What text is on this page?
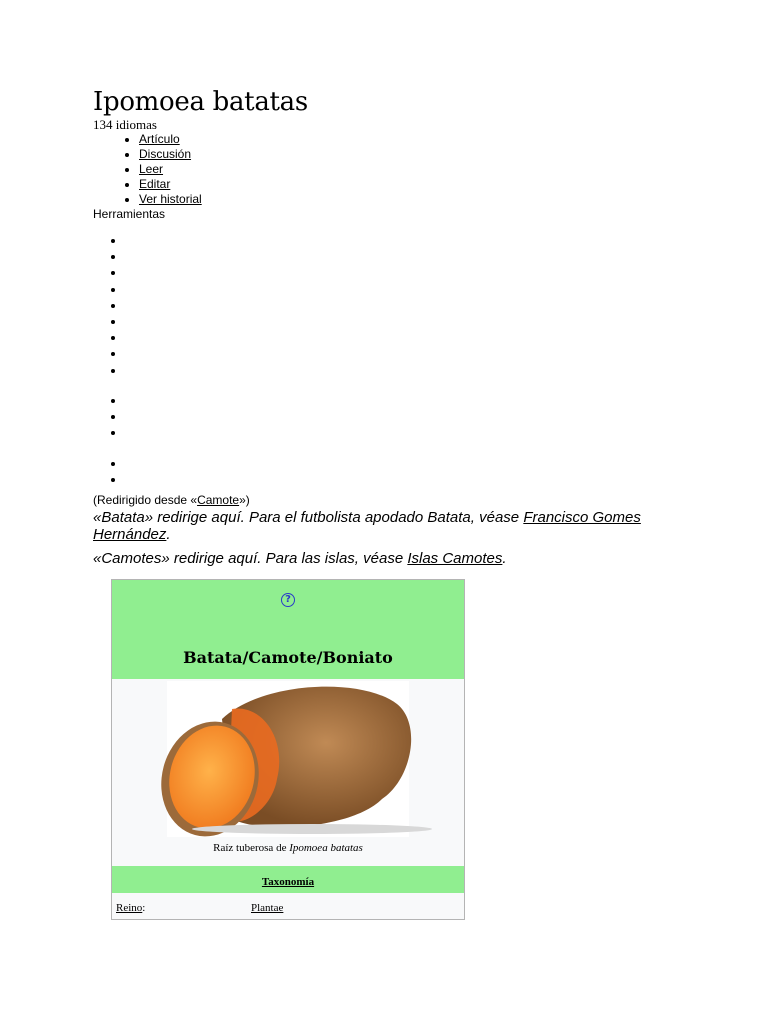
Ipomoea batatas
134 idiomas
• Artículo
• Discusión
• Leer
• Editar
• Ver historial
Herramientas
•
•
•
•
•
•
•
•
•
•
•
•
•
•
(Redirigido desde «Camote»)

«Batata» redirige aquí. Para el futbolista apodado Batata, véase Francisco Gomes Hernández.

«Camotes» redirige aquí. Para las islas, véase Islas Camotes.

?
Batata/Camote/Boniato
Raíz tuberosa de Ipomoea batatas
Taxonomía
Reino:	Plantae
